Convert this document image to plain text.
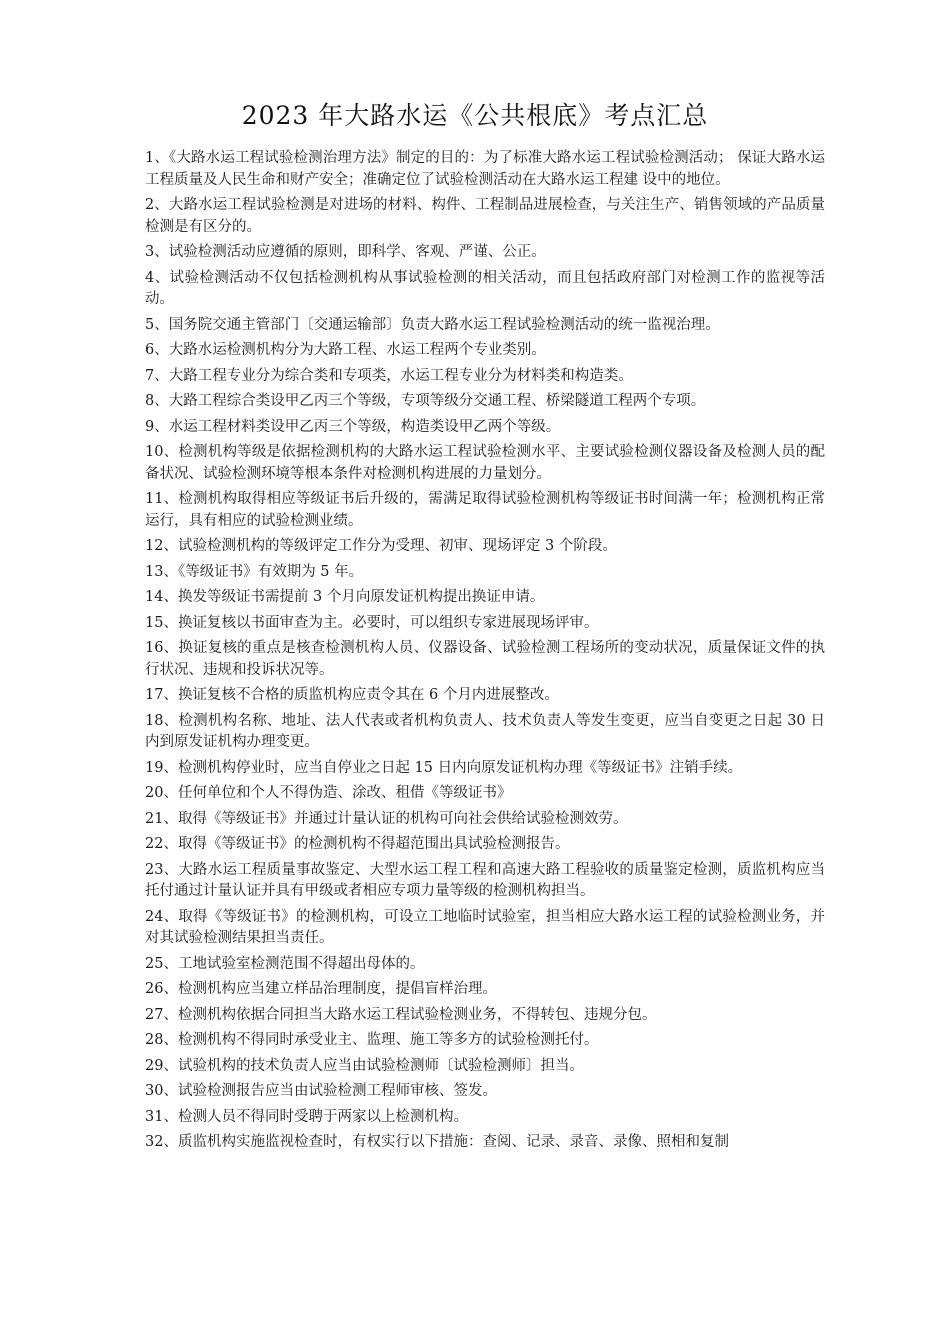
2023 年大路水运《公共根底》考点汇总

1、《大路水运工程试验检测治理方法》制定的目的：为了标准大路水运工程试验检测活动； 保证大路水运工程质量及人民生命和财产安全；准确定位了试验检测活动在大路水运工程建 设中的地位。

2、大路水运工程试验检测是对进场的材料、构件、工程制品进展检查，与关注生产、销售领域的产品质量检测是有区分的。

3、试验检测活动应遵循的原则，即科学、客观、严谨、公正。

4、试验检测活动不仅包括检测机构从事试验检测的相关活动，而且包括政府部门对检测工作的监视等活动。

5、国务院交通主管部门〔交通运输部〕负责大路水运工程试验检测活动的统一监视治理。

6、大路水运检测机构分为大路工程、水运工程两个专业类别。

7、大路工程专业分为综合类和专项类，水运工程专业分为材料类和构造类。

8、大路工程综合类设甲乙丙三个等级，专项等级分交通工程、桥梁隧道工程两个专项。

9、水运工程材料类设甲乙丙三个等级，构造类设甲乙两个等级。

10、检测机构等级是依据检测机构的大路水运工程试验检测水平、主要试验检测仪器设备及检测人员的配备状况、试验检测环境等根本条件对检测机构进展的力量划分。

11、检测机构取得相应等级证书后升级的，需满足取得试验检测机构等级证书时间满一年；检测机构正常运行，具有相应的试验检测业绩。

12、试验检测机构的等级评定工作分为受理、初审、现场评定 3 个阶段。

13、《等级证书》有效期为 5 年。

14、换发等级证书需提前 3 个月向原发证机构提出换证申请。

15、换证复核以书面审查为主。必要时，可以组织专家进展现场评审。

16、换证复核的重点是核查检测机构人员、仪器设备、试验检测工程场所的变动状况，质量保证文件的执行状况、违规和投诉状况等。

17、换证复核不合格的质监机构应责令其在 6 个月内进展整改。

18、检测机构名称、地址、法人代表或者机构负责人、技术负责人等发生变更，应当自变更之日起 30 日内到原发证机构办理变更。

19、检测机构停业时，应当自停业之日起 15 日内向原发证机构办理《等级证书》注销手续。

20、任何单位和个人不得伪造、涂改、租借《等级证书》

21、取得《等级证书》并通过计量认证的机构可向社会供给试验检测效劳。

22、取得《等级证书》的检测机构不得超范围出具试验检测报告。

23、大路水运工程质量事故鉴定、大型水运工程工程和高速大路工程验收的质量鉴定检测，质监机构应当托付通过计量认证并具有甲级或者相应专项力量等级的检测机构担当。

24、取得《等级证书》的检测机构，可设立工地临时试验室，担当相应大路水运工程的试验检测业务，并对其试验检测结果担当责任。

25、工地试验室检测范围不得超出母体的。

26、检测机构应当建立样品治理制度，提倡盲样治理。

27、检测机构依据合同担当大路水运工程试验检测业务，不得转包、违规分包。

28、检测机构不得同时承受业主、监理、施工等多方的试验检测托付。

29、试验机构的技术负责人应当由试验检测师〔试验检测师〕担当。

30、试验检测报告应当由试验检测工程师审核、签发。

31、检测人员不得同时受聘于两家以上检测机构。

32、质监机构实施监视检查时，有权实行以下措施：查阅、记录、录音、录像、照相和复制
